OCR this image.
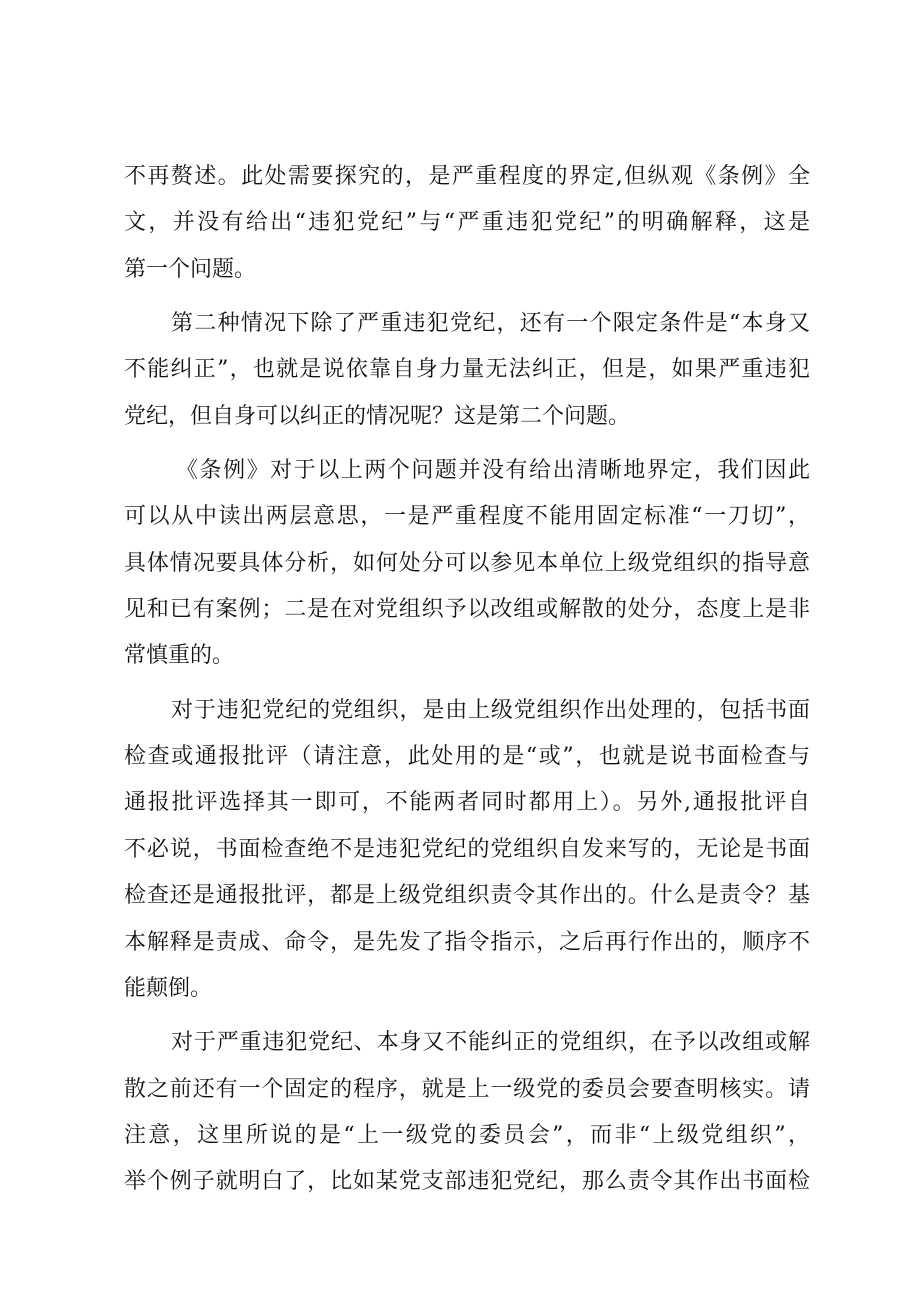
不再赘述。此处需要探究的，是严重程度的界定,但纵观《条例》全
文，并没有给出“违犯党纪”与“严重违犯党纪”的明确解释，这是
第一个问题。
第二种情况下除了严重违犯党纪，还有一个限定条件是“本身又
不能纠正”，也就是说依靠自身力量无法纠正，但是，如果严重违犯
党纪，但自身可以纠正的情况呢？这是第二个问题。
《条例》对于以上两个问题并没有给出清晰地界定，我们因此
可以从中读出两层意思，一是严重程度不能用固定标准“一刀切”，
具体情况要具体分析，如何处分可以参见本单位上级党组织的指导意
见和已有案例；二是在对党组织予以改组或解散的处分，态度上是非
常慎重的。
对于违犯党纪的党组织，是由上级党组织作出处理的，包括书面
检查或通报批评（请注意，此处用的是“或”，也就是说书面检查与
通报批评选择其一即可，不能两者同时都用上）。另外,通报批评自
不必说，书面检查绝不是违犯党纪的党组织自发来写的，无论是书面
检查还是通报批评，都是上级党组织责令其作出的。什么是责令？基
本解释是责成、命令，是先发了指令指示，之后再行作出的，顺序不
能颠倒。
对于严重违犯党纪、本身又不能纠正的党组织，在予以改组或解
散之前还有一个固定的程序，就是上一级党的委员会要查明核实。请
注意，这里所说的是“上一级党的委员会”，而非“上级党组织”，
举个例子就明白了，比如某党支部违犯党纪，那么责令其作出书面检
